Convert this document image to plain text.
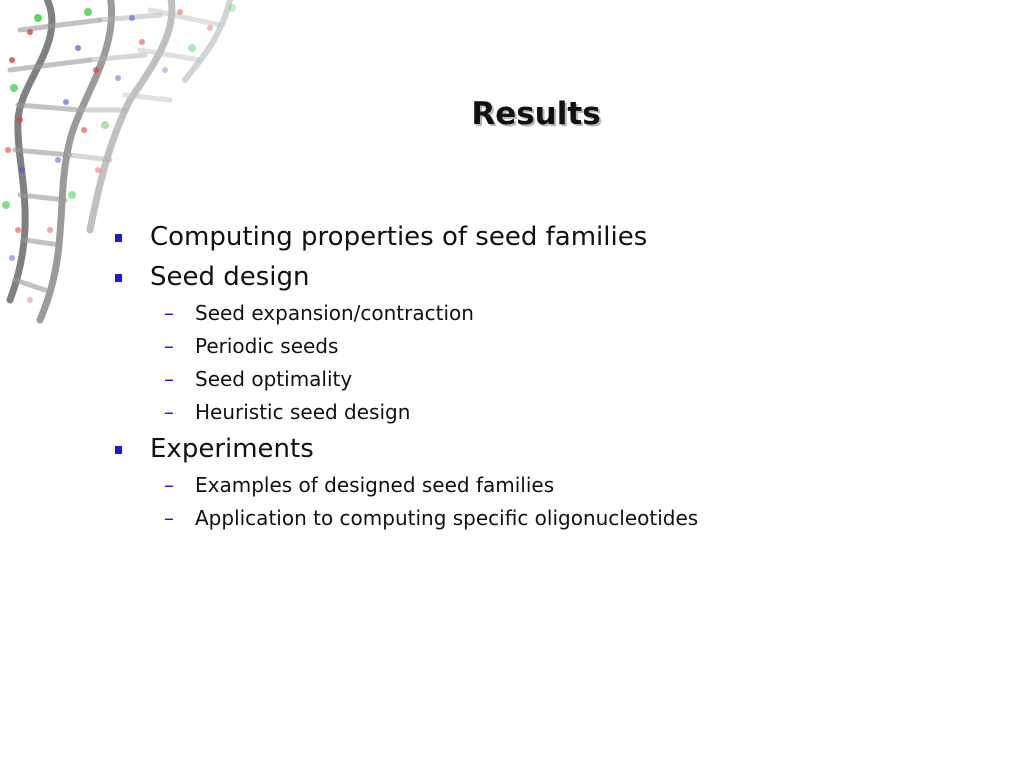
Results
Computing properties of seed families
Seed design
– Seed expansion/contraction
– Periodic seeds
– Seed optimality
– Heuristic seed design
Experiments
– Examples of designed seed families
– Application to computing specific oligonucleotides
